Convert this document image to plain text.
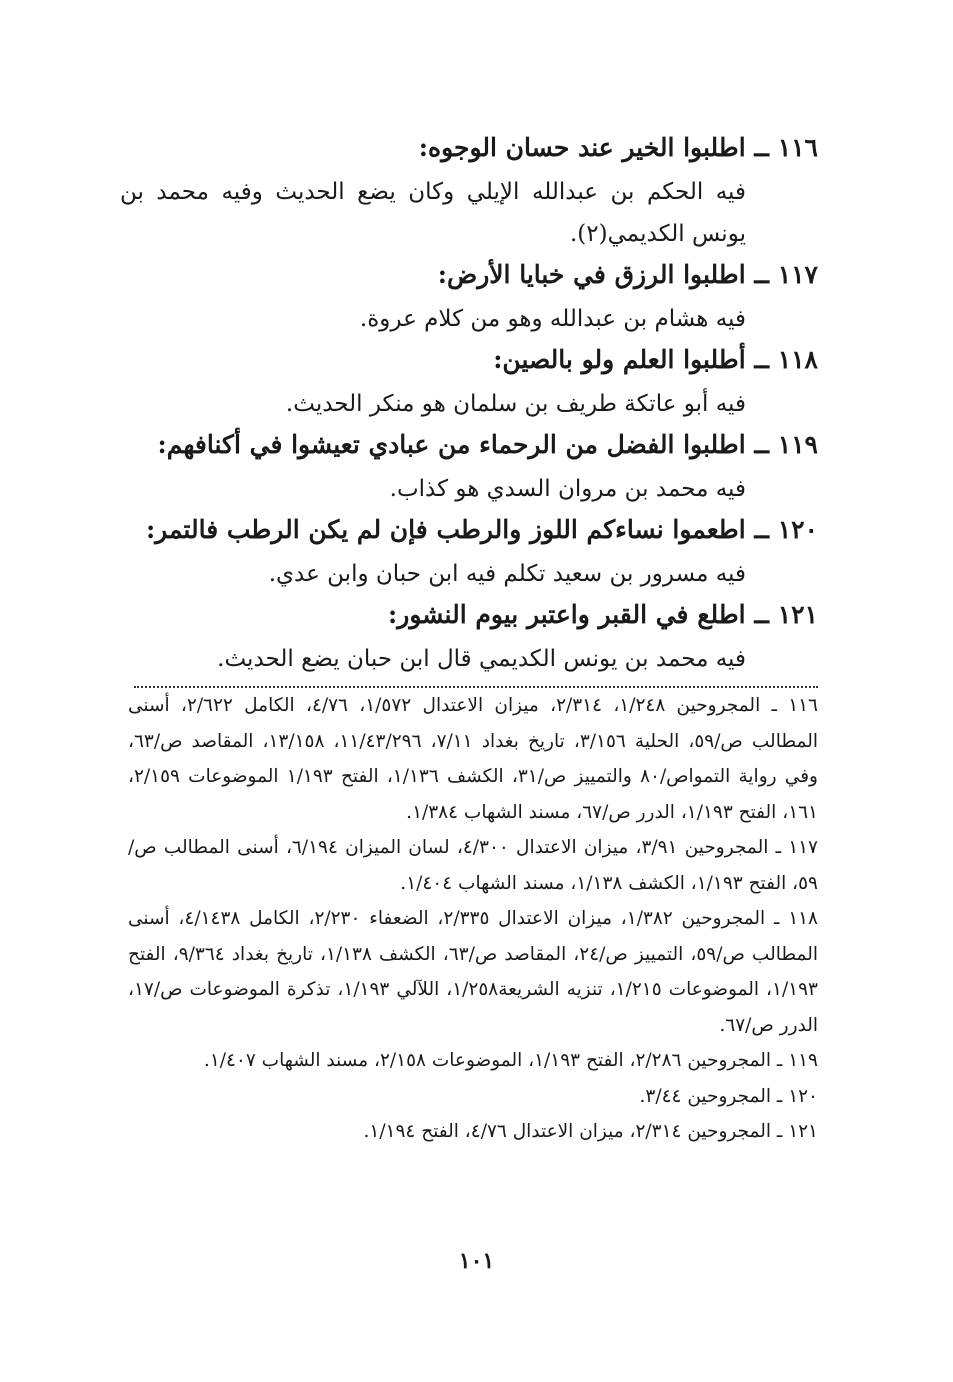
١١٦ ــ اطلبوا الخير عند حسان الوجوه:
فيه الحكم بن عبدالله الإيلي وكان يضع الحديث وفيه محمد بن يونس الكديمي(٢).
١١٧ ــ اطلبوا الرزق في خبايا الأرض:
فيه هشام بن عبدالله وهو من كلام عروة.
١١٨ ــ أطلبوا العلم ولو بالصين:
فيه أبو عاتكة طريف بن سلمان هو منكر الحديث.
١١٩ ــ اطلبوا الفضل من الرحماء من عبادي تعيشوا في أكنافهم:
فيه محمد بن مروان السدي هو كذاب.
١٢٠ ــ اطعموا نساءكم اللوز والرطب فإن لم يكن الرطب فالتمر:
فيه مسرور بن سعيد تكلم فيه ابن حبان وابن عدي.
١٢١ ــ اطلع في القبر واعتبر بيوم النشور:
فيه محمد بن يونس الكديمي قال ابن حبان يضع الحديث.

١١٦ ـ المجروحين ١/٢٤٨، ٢/٣١٤، ميزان الاعتدال ١/٥٧٢، ٤/٧٦، الكامل ٢/٦٢٢، أسنى المطالب ص/٥٩، الحلية ٣/١٥٦، تاريخ بغداد ٧/١١، ١١/٤٣/٢٩٦، ١٣/١٥٨، المقاصد ص/٦٣، وفي رواية التمواص/٨٠ والتمييز ص/٣١، الكشف ١/١٣٦، الفتح ١/١٩٣ الموضوعات ٢/١٥٩، ١٦١، الفتح ١/١٩٣، الدرر ص/٦٧، مسند الشهاب ١/٣٨٤.

١١٧ ـ المجروحين ٣/٩١، ميزان الاعتدال ٤/٣٠٠، لسان الميزان ٦/١٩٤، أسنى المطالب ص/٥٩، الفتح ١/١٩٣، الكشف ١/١٣٨، مسند الشهاب ١/٤٠٤.

١١٨ ـ المجروحين ١/٣٨٢، ميزان الاعتدال ٢/٣٣٥، الضعفاء ٢/٢٣٠، الكامل ٤/١٤٣٨، أسنى المطالب ص/٥٩، التمييز ص/٢٤، المقاصد ص/٦٣، الكشف ١/١٣٨، تاريخ بغداد ٩/٣٦٤، الفتح ١/١٩٣، الموضوعات ١/٢١٥، تنزيه الشريعة١/٢٥٨، اللآلي ١/١٩٣، تذكرة الموضوعات ص/١٧، الدرر ص/٦٧.

١١٩ ـ المجروحين ٢/٢٨٦، الفتح ١/١٩٣، الموضوعات ٢/١٥٨، مسند الشهاب ١/٤٠٧.

١٢٠ ـ المجروحين ٣/٤٤.

١٢١ ـ المجروحين ٢/٣١٤، ميزان الاعتدال ٤/٧٦، الفتح ١/١٩٤.

١٠١
